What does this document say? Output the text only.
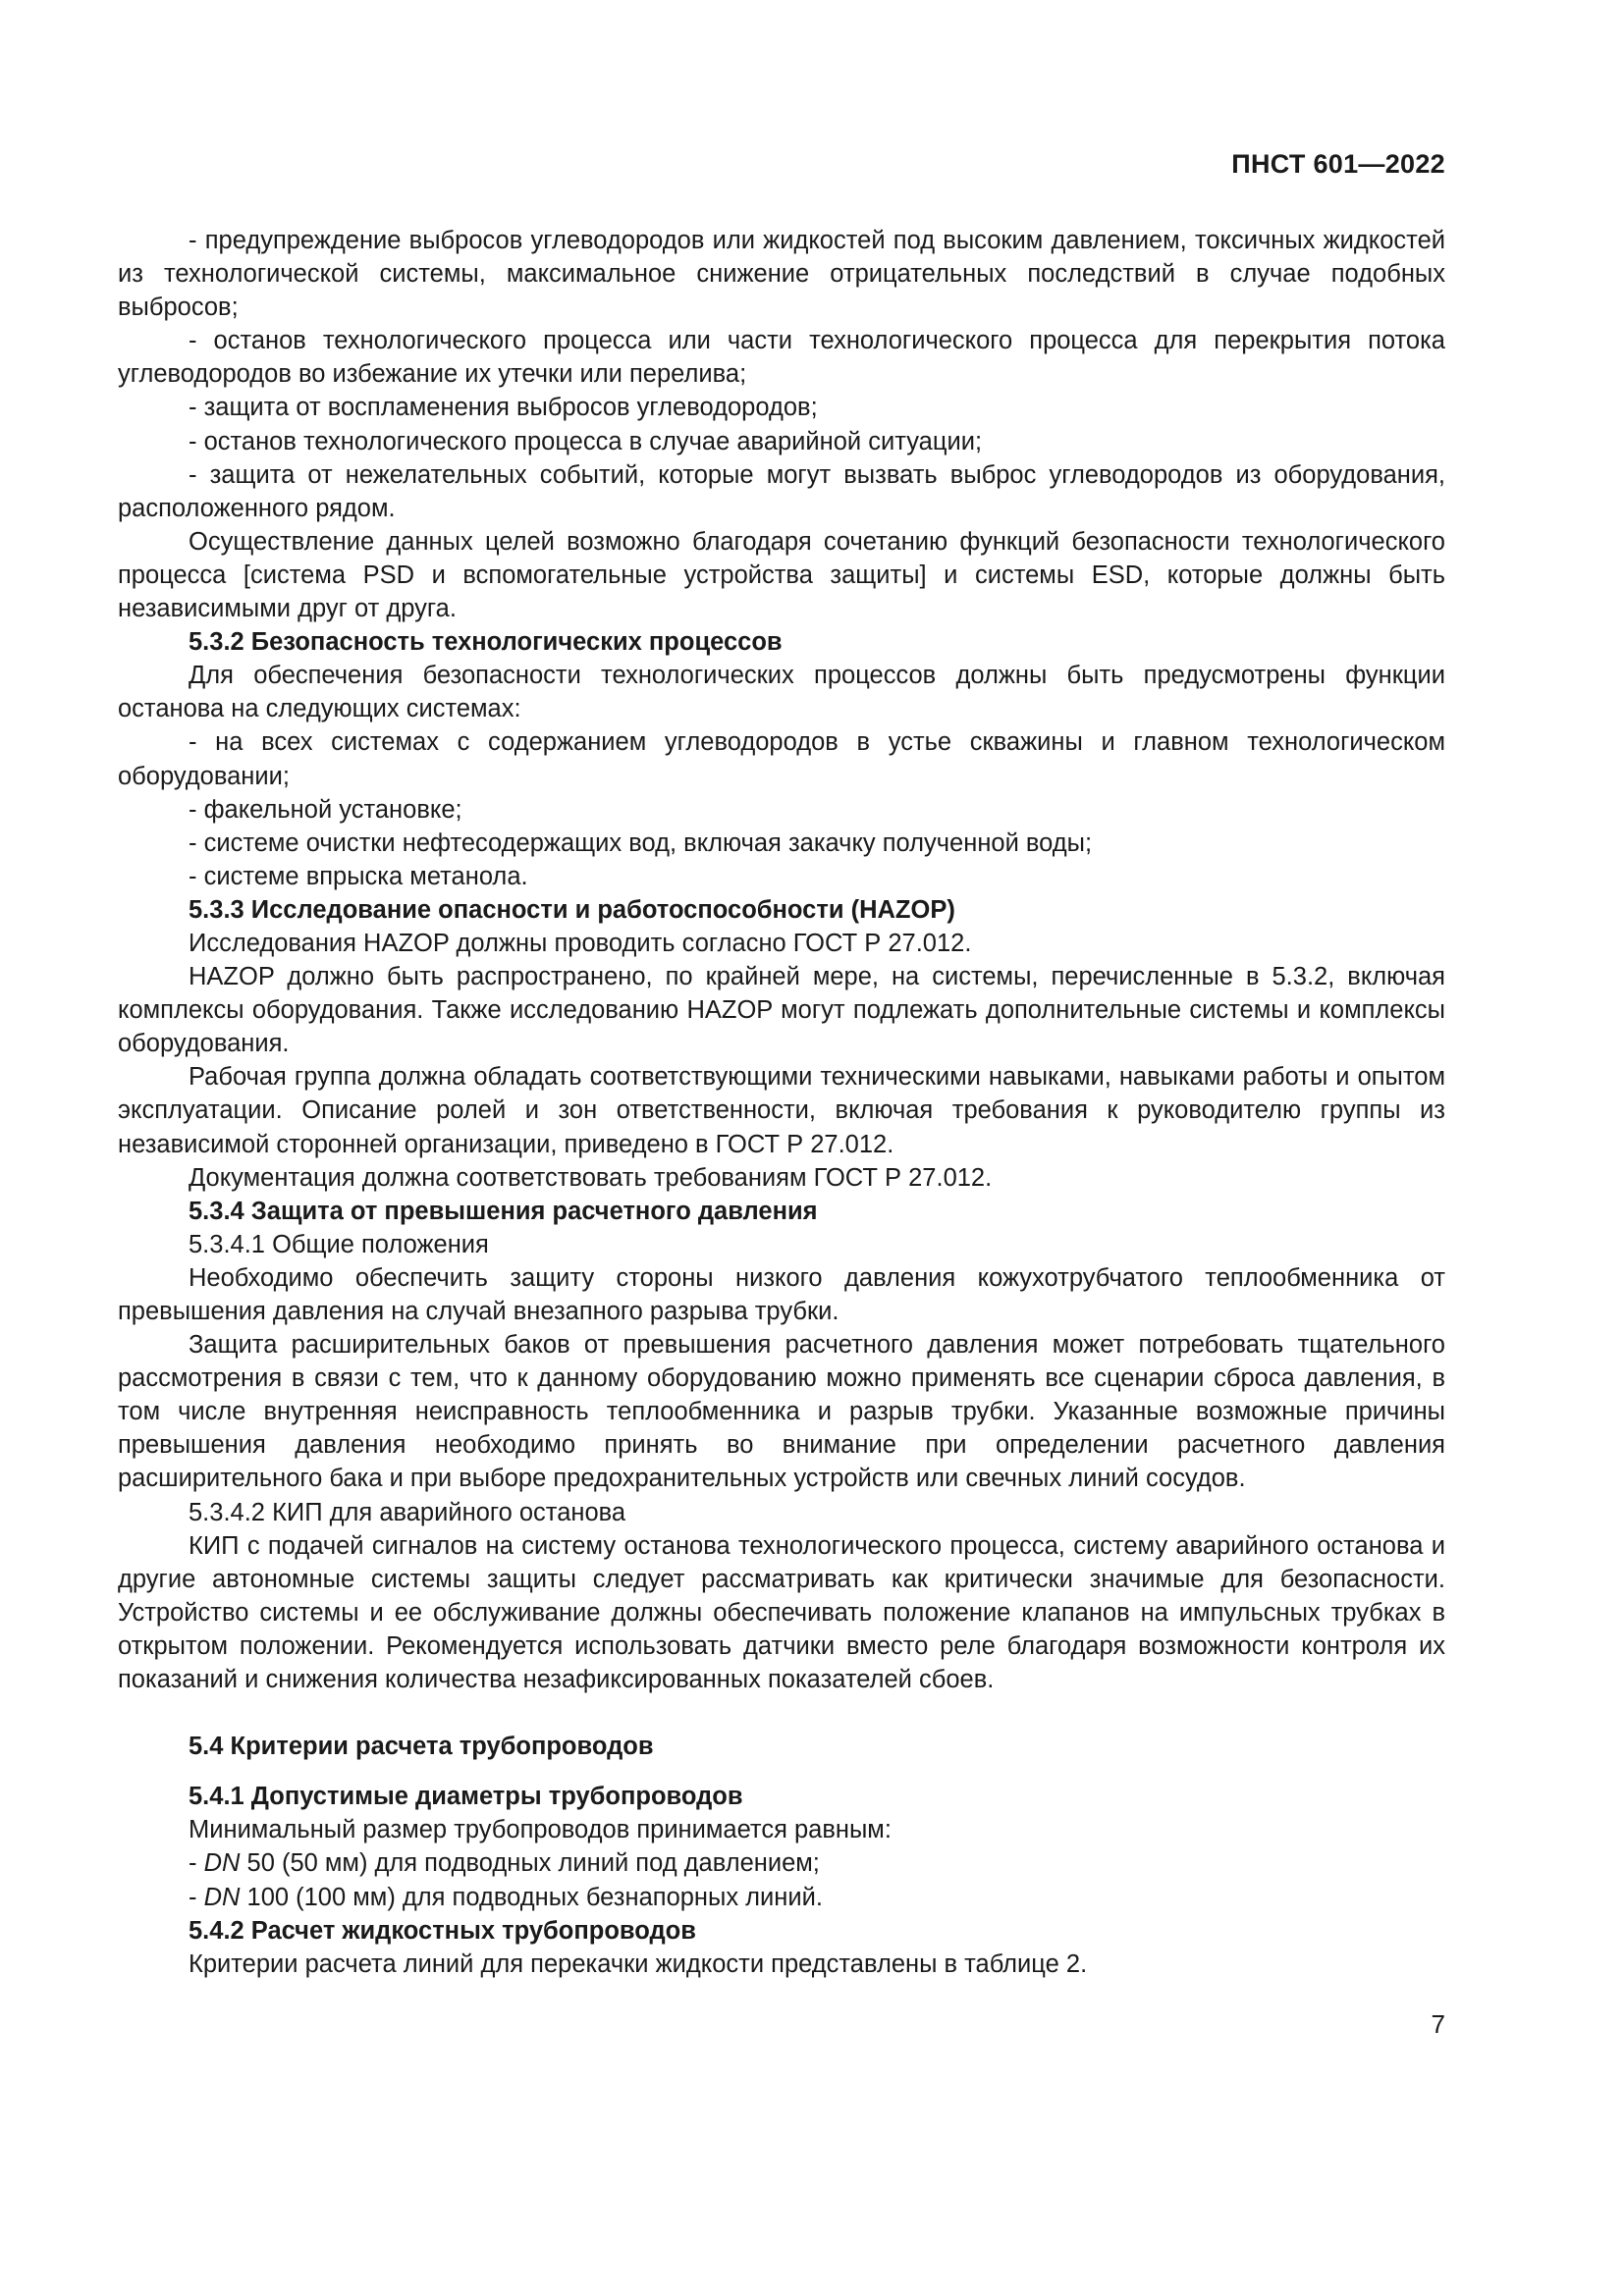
ПНСТ 601—2022

- предупреждение выбросов углеводородов или жидкостей под высоким давлением, токсичных жидкостей из технологической системы, максимальное снижение отрицательных последствий в случае подобных выбросов;

- останов технологического процесса или части технологического процесса для перекрытия потока углеводородов во избежание их утечки или перелива;

- защита от воспламенения выбросов углеводородов;

- останов технологического процесса в случае аварийной ситуации;

- защита от нежелательных событий, которые могут вызвать выброс углеводородов из оборудования, расположенного рядом.

Осуществление данных целей возможно благодаря сочетанию функций безопасности технологического процесса [система PSD и вспомогательные устройства защиты] и системы ESD, которые должны быть независимыми друг от друга.

5.3.2 Безопасность технологических процессов

Для обеспечения безопасности технологических процессов должны быть предусмотрены функции останова на следующих системах:

- на всех системах с содержанием углеводородов в устье скважины и главном технологическом оборудовании;

- факельной установке;

- системе очистки нефтесодержащих вод, включая закачку полученной воды;

- системе впрыска метанола.

5.3.3 Исследование опасности и работоспособности (HAZOP)

Исследования HAZOP должны проводить согласно ГОСТ Р 27.012.

HAZOP должно быть распространено, по крайней мере, на системы, перечисленные в 5.3.2, включая комплексы оборудования. Также исследованию HAZOP могут подлежать дополнительные системы и комплексы оборудования.

Рабочая группа должна обладать соответствующими техническими навыками, навыками работы и опытом эксплуатации. Описание ролей и зон ответственности, включая требования к руководителю группы из независимой сторонней организации, приведено в ГОСТ Р 27.012.

Документация должна соответствовать требованиям ГОСТ Р 27.012.

5.3.4 Защита от превышения расчетного давления

5.3.4.1 Общие положения

Необходимо обеспечить защиту стороны низкого давления кожухотрубчатого теплообменника от превышения давления на случай внезапного разрыва трубки.

Защита расширительных баков от превышения расчетного давления может потребовать тщательного рассмотрения в связи с тем, что к данному оборудованию можно применять все сценарии сброса давления, в том числе внутренняя неисправность теплообменника и разрыв трубки. Указанные возможные причины превышения давления необходимо принять во внимание при определении расчетного давления расширительного бака и при выборе предохранительных устройств или свечных линий сосудов.

5.3.4.2 КИП для аварийного останова

КИП с подачей сигналов на систему останова технологического процесса, систему аварийного останова и другие автономные системы защиты следует рассматривать как критически значимые для безопасности. Устройство системы и ее обслуживание должны обеспечивать положение клапанов на импульсных трубках в открытом положении. Рекомендуется использовать датчики вместо реле благодаря возможности контроля их показаний и снижения количества незафиксированных показателей сбоев.

5.4 Критерии расчета трубопроводов

5.4.1 Допустимые диаметры трубопроводов

Минимальный размер трубопроводов принимается равным:

- DN 50 (50 мм) для подводных линий под давлением;

- DN 100 (100 мм) для подводных безнапорных линий.

5.4.2 Расчет жидкостных трубопроводов

Критерии расчета линий для перекачки жидкости представлены в таблице 2.

7
